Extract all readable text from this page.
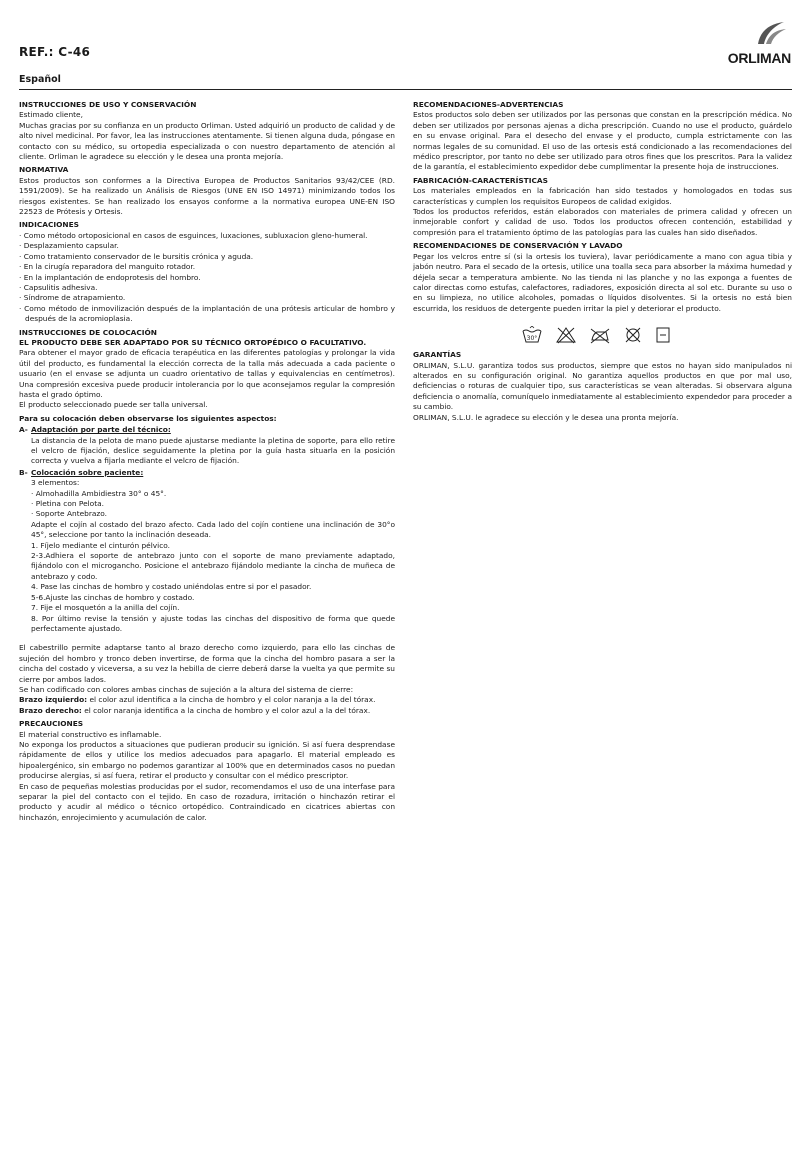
REF.: C-46	ORLIMAN
Español

INSTRUCCIONES DE USO Y CONSERVACIÓN

Estimado cliente,

Muchas gracias por su confianza en un producto Orliman. Usted adquirió un producto de calidad y de alto nivel medicinal. Por favor, lea las instrucciones atentamente. Si tienen alguna duda, póngase en contacto con su médico, su ortopedia especializada o con nuestro departamento de atención al cliente. Orliman le agradece su elección y le desea una pronta mejoría.

NORMATIVA

Estos productos son conformes a la Directiva Europea de Productos Sanitarios 93/42/CEE (RD. 1591/2009). Se ha realizado un Análisis de Riesgos (UNE EN ISO 14971) minimizando todos los riesgos existentes. Se han realizado los ensayos conforme a la normativa europea UNE-EN ISO 22523 de Prótesis y Ortesis.

INDICACIONES

· Como método ortoposicional en casos de esguinces, luxaciones, subluxacion gleno-humeral.
· Desplazamiento capsular.
· Como tratamiento conservador de le bursitis crónica y aguda.
· En la cirugía reparadora del manguito rotador.
· En la implantación de endoprotesis del hombro.
· Capsulitis adhesiva.
· Síndrome de atrapamiento.
· Como método de inmovilización después de la implantación de una prótesis articular de hombro y después de la acromioplasia.

INSTRUCCIONES DE COLOCACIÓN

EL PRODUCTO DEBE SER ADAPTADO POR SU TÉCNICO ORTOPÉDICO O FACULTATIVO.

Para obtener el mayor grado de eficacia terapéutica en las diferentes patologías y prolongar la vida útil del producto, es fundamental la elección correcta de la talla más adecuada a cada paciente o usuario (en el envase se adjunta un cuadro orientativo de tallas y equivalencias en centímetros). Una compresión excesiva puede producir intolerancia por lo que aconsejamos regular la compresión hasta el grado óptimo.

El producto seleccionado puede ser talla universal.

Para su colocación deben observarse los siguientes aspectos:

A- Adaptación por parte del técnico:

La distancia de la pelota de mano puede ajustarse mediante la pletina de soporte, para ello retire el velcro de fijación, deslice seguidamente la pletina por la guía hasta situarla en la posición correcta y vuelva a fijarla mediante el velcro de fijación.

B- Colocación sobre paciente:

3 elementos:

· Almohadilla Ambidiestra 30° o 45°.

· Pletina con Pelota.

· Soporte Antebrazo.

Adapte el cojín al costado del brazo afecto. Cada lado del cojín contiene una inclinación de 30°o 45°, seleccione por tanto la inclinación deseada.

1. Fíjelo mediante el cinturón pélvico.

2-3.Adhiera el soporte de antebrazo junto con el soporte de mano previamente adaptado, fijándolo con el microgancho. Posicione el antebrazo fijándolo mediante la cincha de muñeca de antebrazo y codo.

4. Pase las cinchas de hombro y costado uniéndolas entre si por el pasador.

5-6.Ajuste las cinchas de hombro y costado.

7. Fije el mosquetón a la anilla del cojín.

8. Por último revise la tensión y ajuste todas las cinchas del dispositivo de forma que quede perfectamente ajustado.

El cabestrillo permite adaptarse tanto al brazo derecho como izquierdo, para ello las cinchas de sujeción del hombro y tronco deben invertirse, de forma que la cincha del hombro pasara a ser la cincha del costado y viceversa, a su vez la hebilla de cierre deberá darse la vuelta ya que permite su cierre por ambos lados.

Se han codificado con colores ambas cinchas de sujeción a la altura del sistema de cierre:

Brazo izquierdo: el color azul identifica a la cincha de hombro y el color naranja a la del tórax.

Brazo derecho: el color naranja identifica a la cincha de hombro y el color azul a la del tórax.

PRECAUCIONES

El material constructivo es inflamable.

No exponga los productos a situaciones que pudieran producir su ignición. Si así fuera desprendase rápidamente de ellos y utilice los medios adecuados para apagarlo. El material empleado es hipoalergénico, sin embargo no podemos garantizar al 100% que en determinados casos no puedan producirse alergias, si así fuera, retirar el producto y consultar con el médico prescriptor.

En caso de pequeñas molestias producidas por el sudor, recomendamos el uso de una interfase para separar la piel del contacto con el tejido. En caso de rozadura, irritación o hinchazón retirar el producto y acudir al médico o técnico ortopédico. Contraindicado en cicatrices abiertas con hinchazón, enrojecimiento y acumulación de calor.

RECOMENDACIONES-ADVERTENCIAS

Estos productos solo deben ser utilizados por las personas que constan en la prescripción médica. No deben ser utilizados por personas ajenas a dicha prescripción. Cuando no use el producto, guárdelo en su envase original. Para el desecho del envase y el producto, cumpla estrictamente con las normas legales de su comunidad. El uso de las ortesis está condicionado a las recomendaciones del médico prescriptor, por tanto no debe ser utilizado para otros fines que los prescritos. Para la validez de la garantía, el establecimiento expedidor debe cumplimentar la presente hoja de instrucciones.

FABRICACIÓN-CARACTERÍSTICAS

Los materiales empleados en la fabricación han sido testados y homologados en todas sus características y cumplen los requisitos Europeos de calidad exigidos.

Todos los productos referidos, están elaborados con materiales de primera calidad y ofrecen un inmejorable confort y calidad de uso. Todos los productos ofrecen contención, estabilidad y compresión para el tratamiento óptimo de las patologías para las cuales han sido diseñados.

RECOMENDACIONES DE CONSERVACIÓN Y LAVADO

Pegar los velcros entre sí (si la ortesis los tuviera), lavar periódicamente a mano con agua tibia y jabón neutro. Para el secado de la ortesis, utilice una toalla seca para absorber la máxima humedad y déjela secar a temperatura ambiente. No las tienda ni las planche y no las exponga a fuentes de calor directas como estufas, calefactores, radiadores, exposición directa al sol etc. Durante su uso o en su limpieza, no utilice alcoholes, pomadas o líquidos disolventes. Si la ortesis no está bien escurrida, los residuos de detergente pueden irritar la piel y deteriorar el producto.

30°

GARANTÍAS

ORLIMAN, S.L.U. garantiza todos sus productos, siempre que estos no hayan sido manipulados ni alterados en su configuración original. No garantiza aquellos productos en que por mal uso, deficiencias o roturas de cualquier tipo, sus características se vean alteradas. Si observara alguna deficiencia o anomalía, comuníquelo inmediatamente al establecimiento expendedor para proceder a su cambio.

ORLIMAN, S.L.U. le agradece su elección y le desea una pronta mejoría.
